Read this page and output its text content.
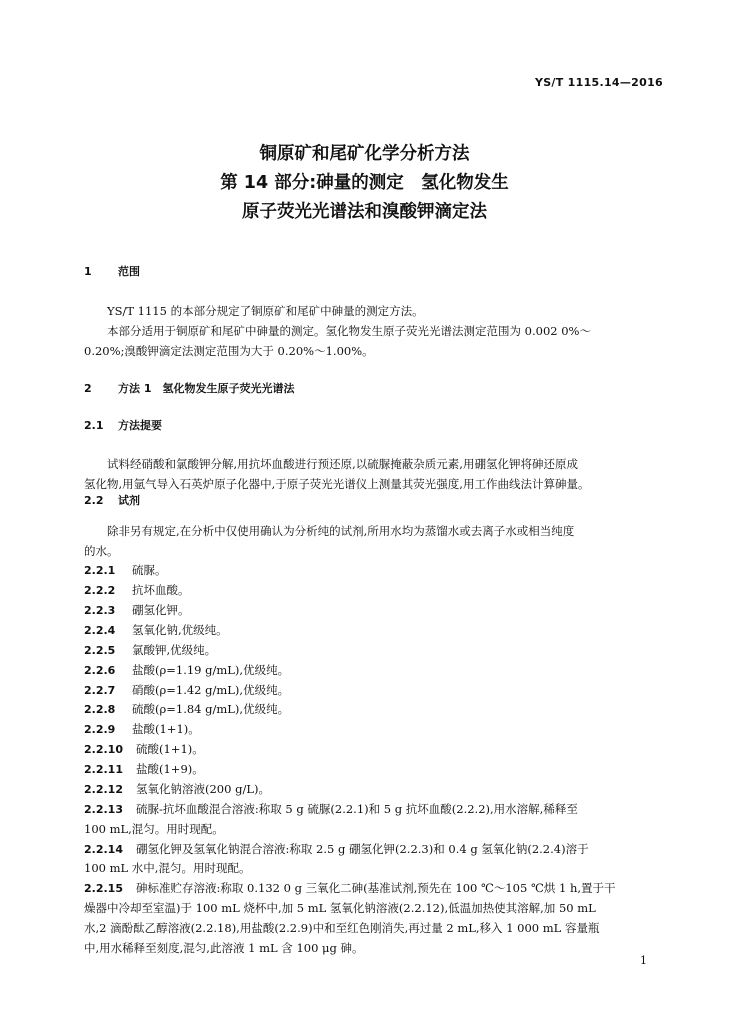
YS/T 1115.14—2016
铜原矿和尾矿化学分析方法
第 14 部分:砷量的测定　氢化物发生
原子荧光光谱法和溴酸钾滴定法
1 范围
YS/T 1115 的本部分规定了铜原矿和尾矿中砷量的测定方法。
本部分适用于铜原矿和尾矿中砷量的测定。氢化物发生原子荧光光谱法测定范围为 0.002 0%～
0.20%;溴酸钾滴定法测定范围为大于 0.20%～1.00%。
2 方法 1　氢化物发生原子荧光光谱法
2.1 方法提要
试料经硝酸和氯酸钾分解,用抗坏血酸进行预还原,以硫脲掩蔽杂质元素,用硼氢化钾将砷还原成
氢化物,用氩气导入石英炉原子化器中,于原子荧光光谱仪上测量其荧光强度,用工作曲线法计算砷量。
2.2 试剂
除非另有规定,在分析中仅使用确认为分析纯的试剂,所用水均为蒸馏水或去离子水或相当纯度
的水。
2.2.1 硫脲。
2.2.2 抗坏血酸。
2.2.3 硼氢化钾。
2.2.4 氢氧化钠,优级纯。
2.2.5 氯酸钾,优级纯。
2.2.6 盐酸(ρ=1.19 g/mL),优级纯。
2.2.7 硝酸(ρ=1.42 g/mL),优级纯。
2.2.8 硫酸(ρ=1.84 g/mL),优级纯。
2.2.9 盐酸(1+1)。
2.2.10 硫酸(1+1)。
2.2.11 盐酸(1+9)。
2.2.12 氢氧化钠溶液(200 g/L)。
2.2.13 硫脲-抗坏血酸混合溶液:称取 5 g 硫脲(2.2.1)和 5 g 抗坏血酸(2.2.2),用水溶解,稀释至
100 mL,混匀。用时现配。
2.2.14 硼氢化钾及氢氧化钠混合溶液:称取 2.5 g 硼氢化钾(2.2.3)和 0.4 g 氢氧化钠(2.2.4)溶于
100 mL 水中,混匀。用时现配。
2.2.15 砷标准贮存溶液:称取 0.132 0 g 三氧化二砷(基准试剂,预先在 100 ℃～105 ℃烘 1 h,置于干
燥器中冷却至室温)于 100 mL 烧杯中,加 5 mL 氢氧化钠溶液(2.2.12),低温加热使其溶解,加 50 mL
水,2 滴酚酞乙醇溶液(2.2.18),用盐酸(2.2.9)中和至红色刚消失,再过量 2 mL,移入 1 000 mL 容量瓶
中,用水稀释至刻度,混匀,此溶液 1 mL 含 100 μg 砷。
1
